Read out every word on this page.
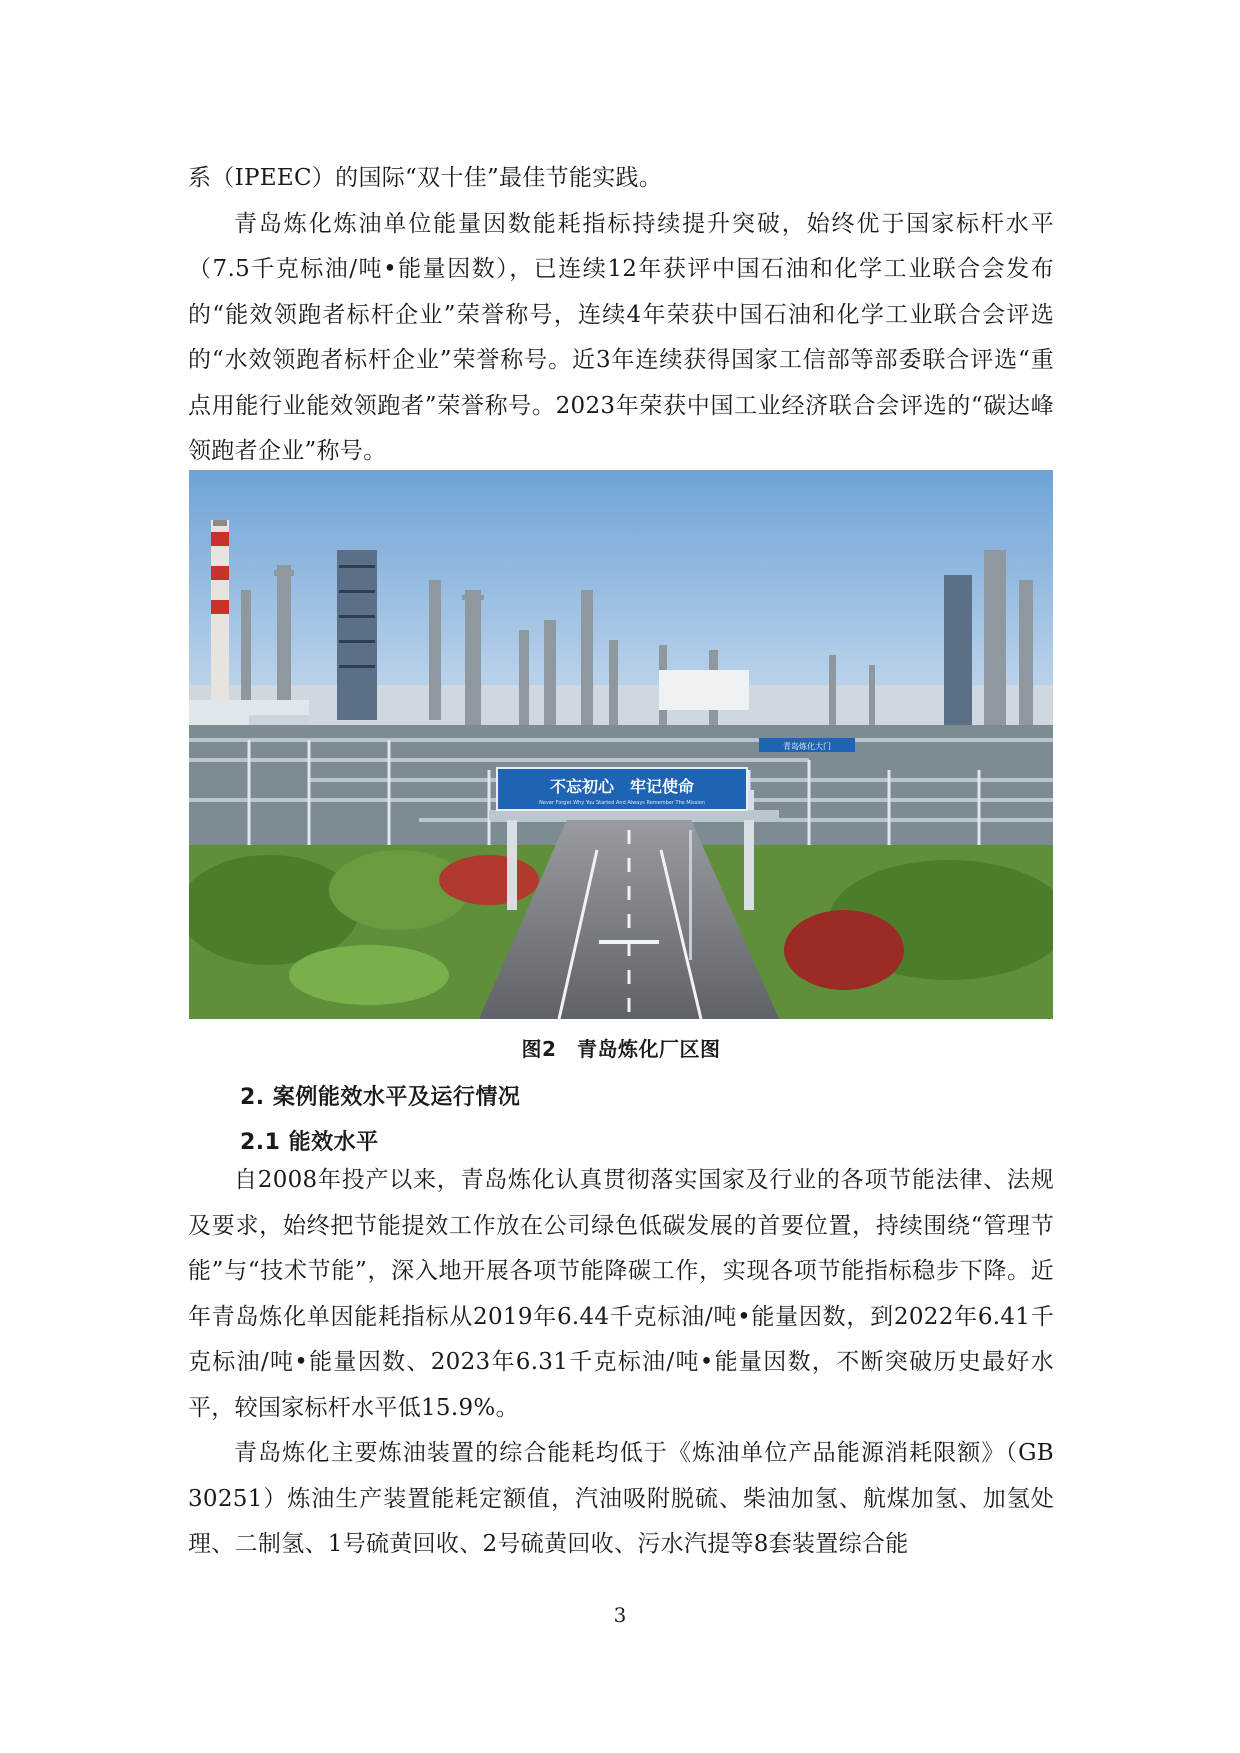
系（IPEEC）的国际“双十佳”最佳节能实践。

青岛炼化炼油单位能量因数能耗指标持续提升突破，始终优于国家标杆水平（7.5千克标油/吨•能量因数），已连续12年获评中国石油和化学工业联合会发布的“能效领跑者标杆企业”荣誉称号，连续4年荣获中国石油和化学工业联合会评选的“水效领跑者标杆企业”荣誉称号。近3年连续获得国家工信部等部委联合评选“重点用能行业能效领跑者”荣誉称号。2023年荣获中国工业经济联合会评选的“碳达峰领跑者企业”称号。

不忘初心　牢记使命
Never Forget Why You Started And Always Remember The Mission
青岛炼化大门
图2　青岛炼化厂区图
2. 案例能效水平及运行情况
2.1 能效水平

自2008年投产以来，青岛炼化认真贯彻落实国家及行业的各项节能法律、法规及要求，始终把节能提效工作放在公司绿色低碳发展的首要位置，持续围绕“管理节能”与“技术节能”，深入地开展各项节能降碳工作，实现各项节能指标稳步下降。近年青岛炼化单因能耗指标从2019年6.44千克标油/吨•能量因数，到2022年6.41千克标油/吨•能量因数、2023年6.31千克标油/吨•能量因数，不断突破历史最好水平，较国家标杆水平低15.9%。

青岛炼化主要炼油装置的综合能耗均低于《炼油单位产品能源消耗限额》（GB 30251）炼油生产装置能耗定额值，汽油吸附脱硫、柴油加氢、航煤加氢、加氢处理、二制氢、1号硫黄回收、2号硫黄回收、污水汽提等8套装置综合能

3
